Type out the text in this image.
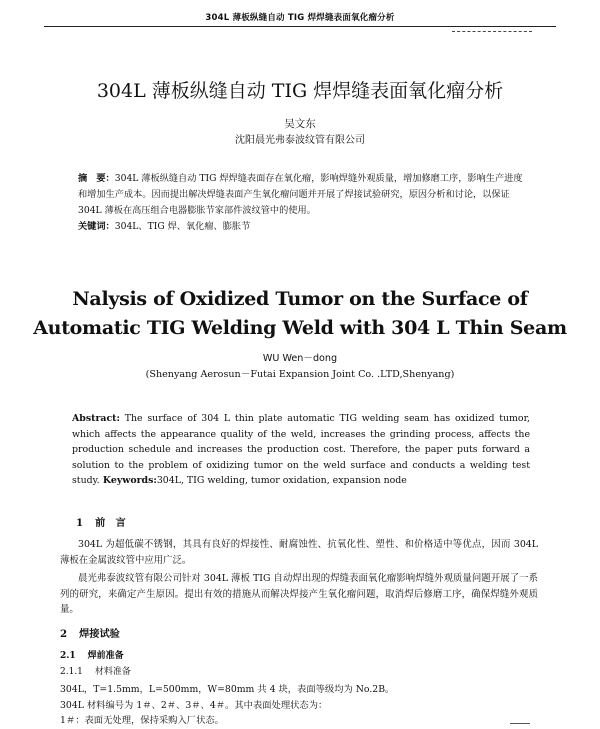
304L 薄板纵缝自动 TIG 焊焊缝表面氧化瘤分析
304L 薄板纵缝自动 TIG 焊焊缝表面氧化瘤分析
吴文东
沈阳晨光弗泰波纹管有限公司
摘　要：304L 薄板纵缝自动 TIG 焊焊缝表面存在氧化瘤，影响焊缝外观质量，增加修磨工序，影响生产进度和增加生产成本。因而提出解决焊缝表面产生氧化瘤问题并开展了焊接试验研究，原因分析和讨论，以保证 304L 薄板在高压组合电器膨胀节家部件波纹管中的使用。
关键词：304L、TIG 焊、氧化瘤、膨胀节
Nalysis of Oxidized Tumor on the Surface of
Automatic TIG Welding Weld with 304 L Thin Seam
WU Wen－dong
(Shenyang Aerosun－Futai Expansion Joint Co. .LTD,Shenyang)
Abstract: The surface of 304 L thin plate automatic TIG welding seam has oxidized tumor, which affects the appearance quality of the weld, increases the grinding process, affects the production schedule and increases the production cost. Therefore, the paper puts forward a solution to the problem of oxidizing tumor on the weld surface and conducts a welding test study. Keywords:304L, TIG welding, tumor oxidation, expansion node
1 前　言
304L 为超低碳不锈钢，其具有良好的焊接性、耐腐蚀性、抗氧化性、塑性、和价格适中等优点，因而 304L 薄板在金属波纹管中应用广泛。
晨光弗泰波纹管有限公司针对 304L 薄板 TIG 自动焊出现的焊缝表面氧化瘤影响焊缝外观质量问题开展了一系列的研究，来确定产生原因。提出有效的措施从而解决焊接产生氧化瘤问题，取消焊后修磨工序，确保焊缝外观质量。
2 焊接试验
2.1 焊前准备
2.1.1 材料准备
304L，T=1.5mm，L=500mm，W=80mm 共 4 块，表面等级均为 No.2B。
304L 材料编号为 1＃、2＃、3＃、4＃。其中表面处理状态为：
1＃：表面无处理，保持采购入厂状态。
